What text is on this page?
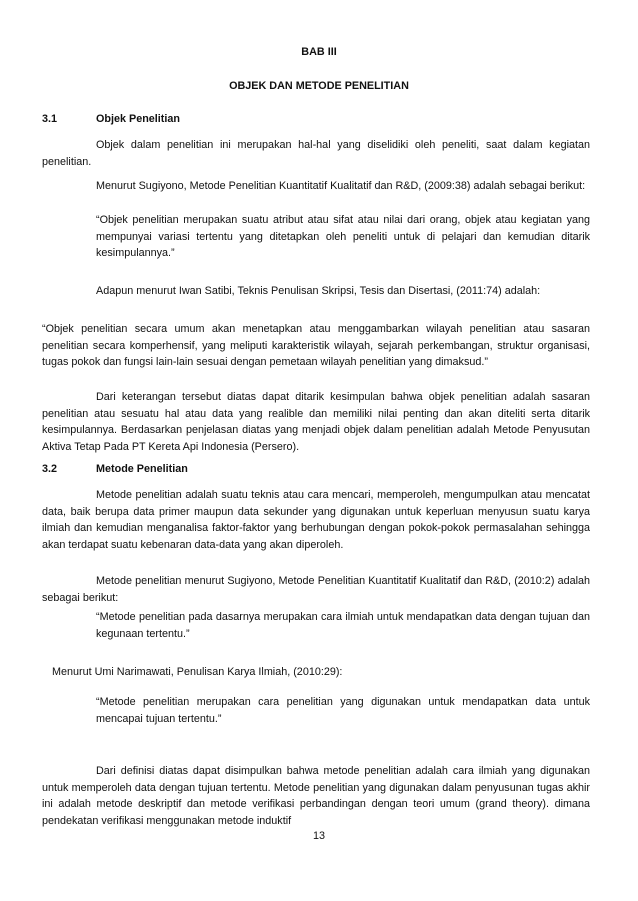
BAB III
OBJEK DAN METODE PENELITIAN
3.1	Objek Penelitian
Objek dalam penelitian ini merupakan hal-hal yang diselidiki oleh peneliti, saat dalam kegiatan penelitian.
Menurut Sugiyono, Metode Penelitian Kuantitatif Kualitatif dan R&D, (2009:38) adalah sebagai berikut:
“Objek penelitian merupakan suatu atribut atau sifat atau nilai dari orang, objek atau kegiatan yang mempunyai variasi tertentu yang ditetapkan oleh peneliti untuk di pelajari dan kemudian ditarik kesimpulannya.”
Adapun menurut Iwan Satibi, Teknis Penulisan Skripsi, Tesis dan Disertasi, (2011:74) adalah:
“Objek penelitian secara umum akan menetapkan atau menggambarkan wilayah penelitian atau sasaran penelitian secara komperhensif, yang meliputi karakteristik wilayah, sejarah perkembangan, struktur organisasi, tugas pokok dan fungsi lain-lain sesuai dengan pemetaan wilayah penelitian yang dimaksud.”
Dari keterangan tersebut diatas dapat ditarik kesimpulan bahwa objek penelitian adalah sasaran penelitian atau sesuatu hal atau data yang realible dan memiliki nilai penting dan akan diteliti serta ditarik kesimpulannya. Berdasarkan penjelasan diatas yang menjadi objek dalam penelitian adalah Metode Penyusutan Aktiva Tetap Pada PT Kereta Api Indonesia (Persero).
3.2	Metode Penelitian
Metode penelitian adalah suatu teknis atau cara mencari, memperoleh, mengumpulkan atau mencatat data, baik berupa data primer maupun data sekunder yang digunakan untuk keperluan menyusun suatu karya ilmiah dan kemudian menganalisa faktor-faktor yang berhubungan dengan pokok-pokok permasalahan sehingga akan terdapat suatu kebenaran data-data yang akan diperoleh.
Metode penelitian menurut Sugiyono, Metode Penelitian Kuantitatif Kualitatif dan R&D, (2010:2) adalah sebagai berikut:
“Metode penelitian pada dasarnya merupakan cara ilmiah untuk mendapatkan data dengan tujuan dan kegunaan tertentu.”
Menurut Umi Narimawati, Penulisan Karya Ilmiah, (2010:29):
“Metode penelitian merupakan cara penelitian yang digunakan untuk mendapatkan data untuk mencapai tujuan tertentu.”
Dari definisi diatas dapat disimpulkan bahwa metode penelitian adalah cara ilmiah yang digunakan untuk memperoleh data dengan tujuan tertentu. Metode penelitian yang digunakan dalam penyusunan tugas akhir ini adalah metode deskriptif dan metode verifikasi perbandingan dengan teori umum (grand theory). dimana pendekatan verifikasi menggunakan metode induktif
13
